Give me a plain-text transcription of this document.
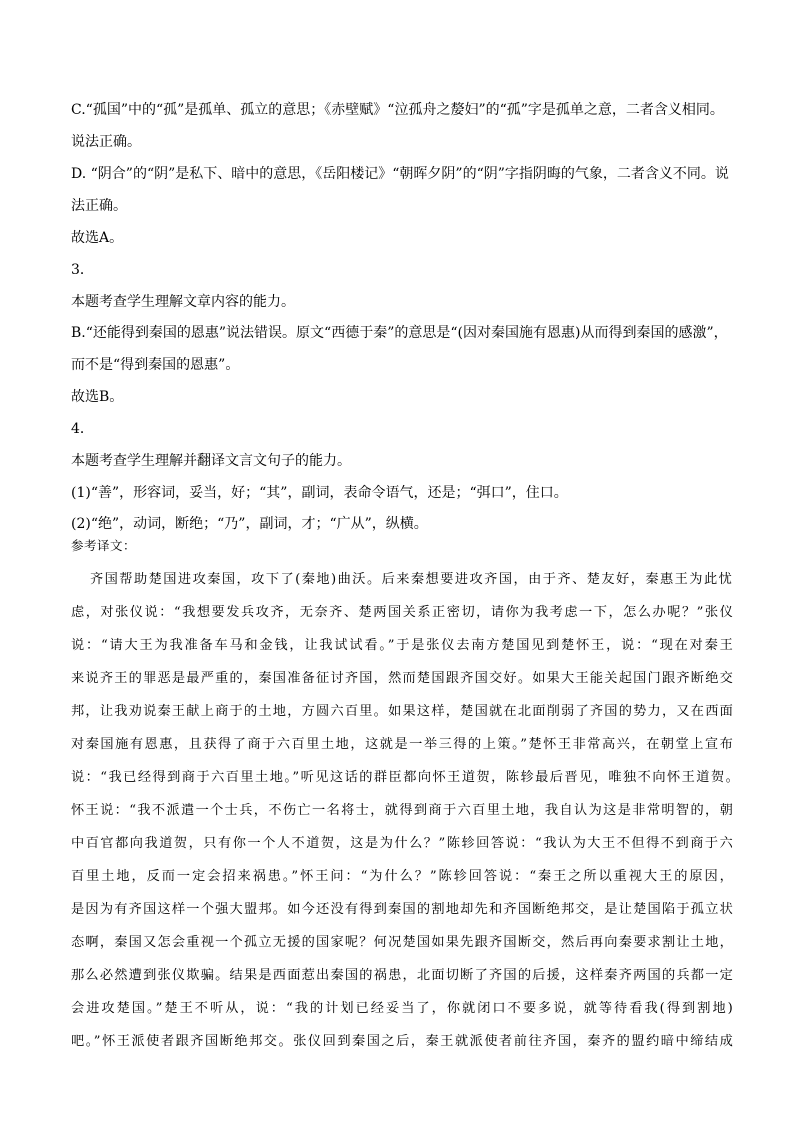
C.“孤国”中的“孤”是孤单、孤立的意思；《赤壁赋》“泣孤舟之嫠妇”的“孤”字是孤单之意，二者含义相同。
说法正确。
D. “阴合”的“阴”是私下、暗中的意思，《岳阳楼记》“朝晖夕阴”的“阴”字指阴晦的气象，二者含义不同。说
法正确。
故选A。
3．
本题考查学生理解文章内容的能力。
B.“还能得到秦国的恩惠”说法错误。原文“西德于秦”的意思是“(因对秦国施有恩惠)从而得到秦国的感激”，
而不是“得到秦国的恩惠”。
故选B。
4．
本题考查学生理解并翻译文言文句子的能力。
(1)“善”，形容词，妥当，好；“其”，副词，表命令语气，还是；“弭口”，住口。
(2)“绝”，动词，断绝；“乃”，副词，才；“广从”，纵横。
参考译文：
齐国帮助楚国进攻秦国，攻下了(秦地)曲沃。后来秦想要进攻齐国，由于齐、楚友好，秦惠王为此忧
虑，对张仪说：“我想要发兵攻齐，无奈齐、楚两国关系正密切，请你为我考虑一下，怎么办呢？”张仪
说：“请大王为我准备车马和金钱，让我试试看。”于是张仪去南方楚国见到楚怀王，说：“现在对秦王
来说齐王的罪恶是最严重的，秦国准备征讨齐国，然而楚国跟齐国交好。如果大王能关起国门跟齐断绝交
邦，让我劝说秦王献上商于的土地，方圆六百里。如果这样，楚国就在北面削弱了齐国的势力，又在西面
对秦国施有恩惠，且获得了商于六百里土地，这就是一举三得的上策。”楚怀王非常高兴，在朝堂上宣布
说：“我已经得到商于六百里土地。”听见这话的群臣都向怀王道贺，陈轸最后晋见，唯独不向怀王道贺。
怀王说：“我不派遣一个士兵，不伤亡一名将士，就得到商于六百里土地，我自认为这是非常明智的，朝
中百官都向我道贺，只有你一个人不道贺，这是为什么？”陈轸回答说：“我认为大王不但得不到商于六
百里土地，反而一定会招来祸患。”怀王问：“为什么？”陈轸回答说：“秦王之所以重视大王的原因，
是因为有齐国这样一个强大盟邦。如今还没有得到秦国的割地却先和齐国断绝邦交，是让楚国陷于孤立状
态啊，秦国又怎会重视一个孤立无援的国家呢？何况楚国如果先跟齐国断交，然后再向秦要求割让土地，
那么必然遭到张仪欺骗。结果是西面惹出秦国的祸患，北面切断了齐国的后援，这样秦齐两国的兵都一定
会进攻楚国。”楚王不听从，说：“我的计划已经妥当了，你就闭口不要多说，就等待看我(得到割地)
吧。”怀王派使者跟齐国断绝邦交。张仪回到秦国之后，秦王就派使者前往齐国，秦齐的盟约暗中缔结成
